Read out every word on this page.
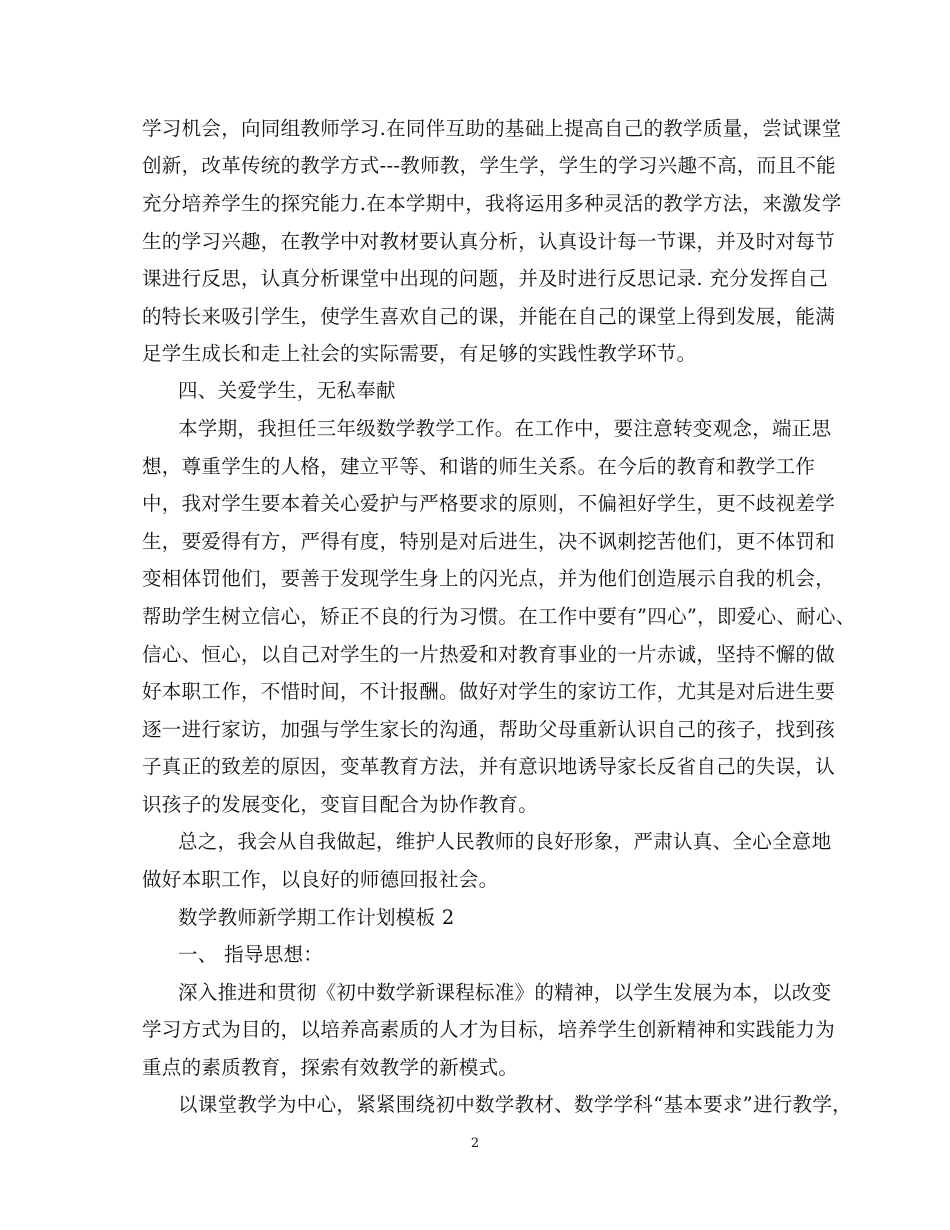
学习机会，向同组教师学习.在同伴互助的基础上提高自己的教学质量，尝试课堂
创新，改革传统的教学方式---教师教，学生学，学生的学习兴趣不高，而且不能
充分培养学生的探究能力.在本学期中，我将运用多种灵活的教学方法，来激发学
生的学习兴趣，在教学中对教材要认真分析，认真设计每一节课，并及时对每节
课进行反思，认真分析课堂中出现的问题，并及时进行反思记录. 充分发挥自己
的特长来吸引学生，使学生喜欢自己的课，并能在自己的课堂上得到发展，能满
足学生成长和走上社会的实际需要，有足够的实践性教学环节。
四、关爱学生，无私奉献
本学期，我担任三年级数学教学工作。在工作中，要注意转变观念，端正思
想，尊重学生的人格，建立平等、和谐的师生关系。在今后的教育和教学工作
中，我对学生要本着关心爱护与严格要求的原则，不偏袒好学生，更不歧视差学
生，要爱得有方，严得有度，特别是对后进生，决不讽刺挖苦他们，更不体罚和
变相体罚他们，要善于发现学生身上的闪光点，并为他们创造展示自我的机会，
帮助学生树立信心，矫正不良的行为习惯。在工作中要有”四心”，即爱心、耐心、
信心、恒心，以自己对学生的一片热爱和对教育事业的一片赤诚，坚持不懈的做
好本职工作，不惜时间，不计报酬。做好对学生的家访工作，尤其是对后进生要
逐一进行家访，加强与学生家长的沟通，帮助父母重新认识自己的孩子，找到孩
子真正的致差的原因，变革教育方法，并有意识地诱导家长反省自己的失误，认
识孩子的发展变化，变盲目配合为协作教育。
总之，我会从自我做起，维护人民教师的良好形象，严肃认真、全心全意地
做好本职工作，以良好的师德回报社会。
数学教师新学期工作计划模板 2
一、 指导思想：
深入推进和贯彻《初中数学新课程标准》的精神，以学生发展为本，以改变
学习方式为目的，以培养高素质的人才为目标，培养学生创新精神和实践能力为
重点的素质教育，探索有效教学的新模式。
以课堂教学为中心，紧紧围绕初中数学教材、数学学科“基本要求”进行教学，
2
